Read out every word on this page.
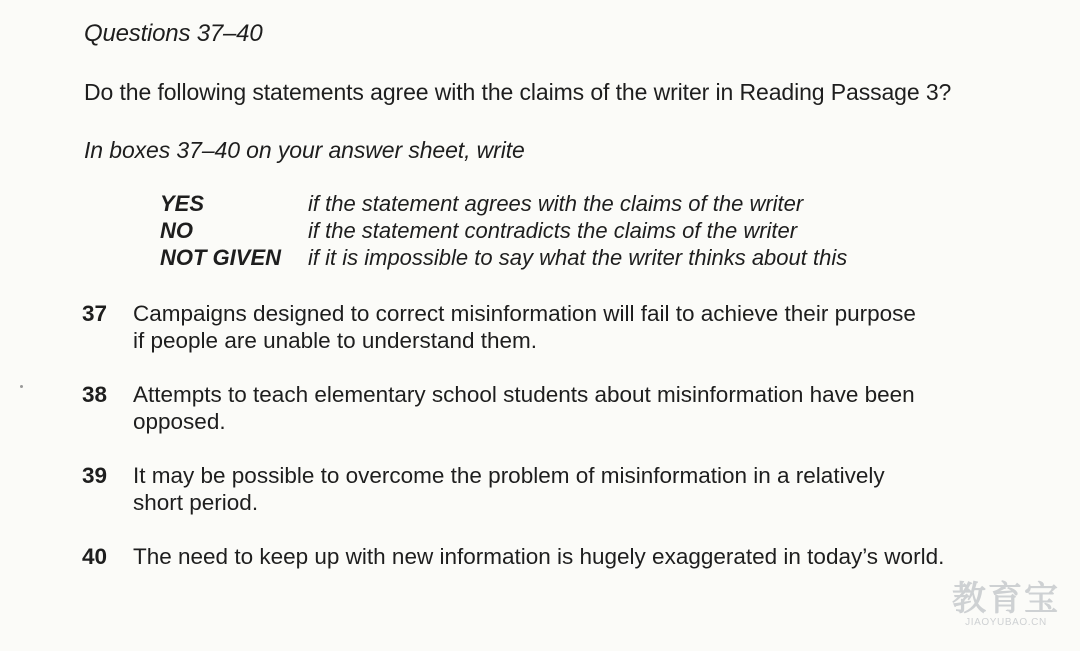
Questions 37–40
Do the following statements agree with the claims of the writer in Reading Passage 3?
In boxes 37–40 on your answer sheet, write
YES	if the statement agrees with the claims of the writer
NO	if the statement contradicts the claims of the writer
NOT GIVEN if it is impossible to say what the writer thinks about this
37 Campaigns designed to correct misinformation will fail to achieve their purpose
if people are unable to understand them.
38 Attempts to teach elementary school students about misinformation have been
opposed.
39 It may be possible to overcome the problem of misinformation in a relatively
short period.
40 The need to keep up with new information is hugely exaggerated in today’s world.
教育宝
JIAOYUBAO.CN
